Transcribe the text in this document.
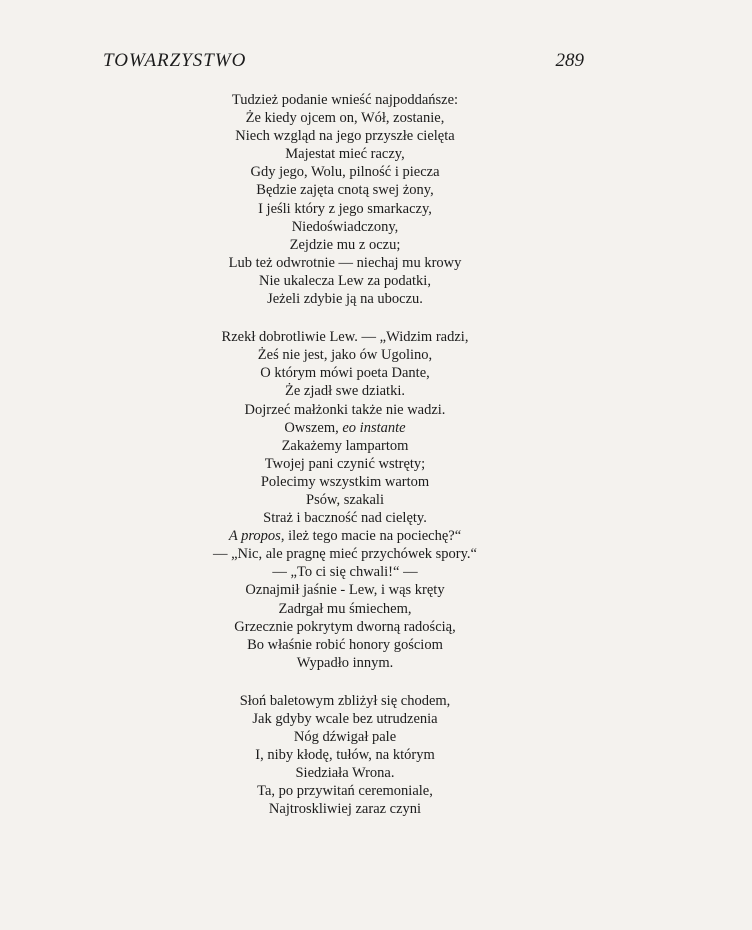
TOWARZYSTWO	289
Tudzież podanie wnieść najpoddańsze:
Że kiedy ojcem on, Wół, zostanie,
Niech wzgląd na jego przyszłe cielęta
Majestat mieć raczy,
Gdy jego, Wolu, pilność i piecza
Będzie zajęta cnotą swej żony,
I jeśli który z jego smarkaczy,
Niedoświadczony,
Zejdzie mu z oczu;
Lub też odwrotnie — niechaj mu krowy
Nie ukalecza Lew za podatki,
Jeżeli zdybie ją na uboczu.
Rzekł dobrotliwie Lew. — „Widzim radzi,
Żeś nie jest, jako ów Ugolino,
O którym mówi poeta Dante,
Że zjadł swe dziatki.
Dojrzeć małżonki także nie wadzi.
Owszem, eo instante
Zakażemy lampartom
Twojej pani czynić wstręty;
Polecimy wszystkim wartom
Psów, szakali
Straż i baczność nad cielęty.
A propos, ileż tego macie na pociechę?“
— „Nic, ale pragnę mieć przychówek spory.“
— „To ci się chwali!“ —
Oznajmił jaśnie - Lew, i wąs kręty
Zadrgał mu śmiechem,
Grzecznie pokrytym dworną radością,
Bo właśnie robić honory gościom
Wypadło innym.
Słoń baletowym zbliżył się chodem,
Jak gdyby wcale bez utrudzenia
Nóg dźwigał pale
I, niby kłodę, tułów, na którym
Siedziała Wrona.
Ta, po przywitań ceremoniale,
Najtroskliwiej zaraz czyni
